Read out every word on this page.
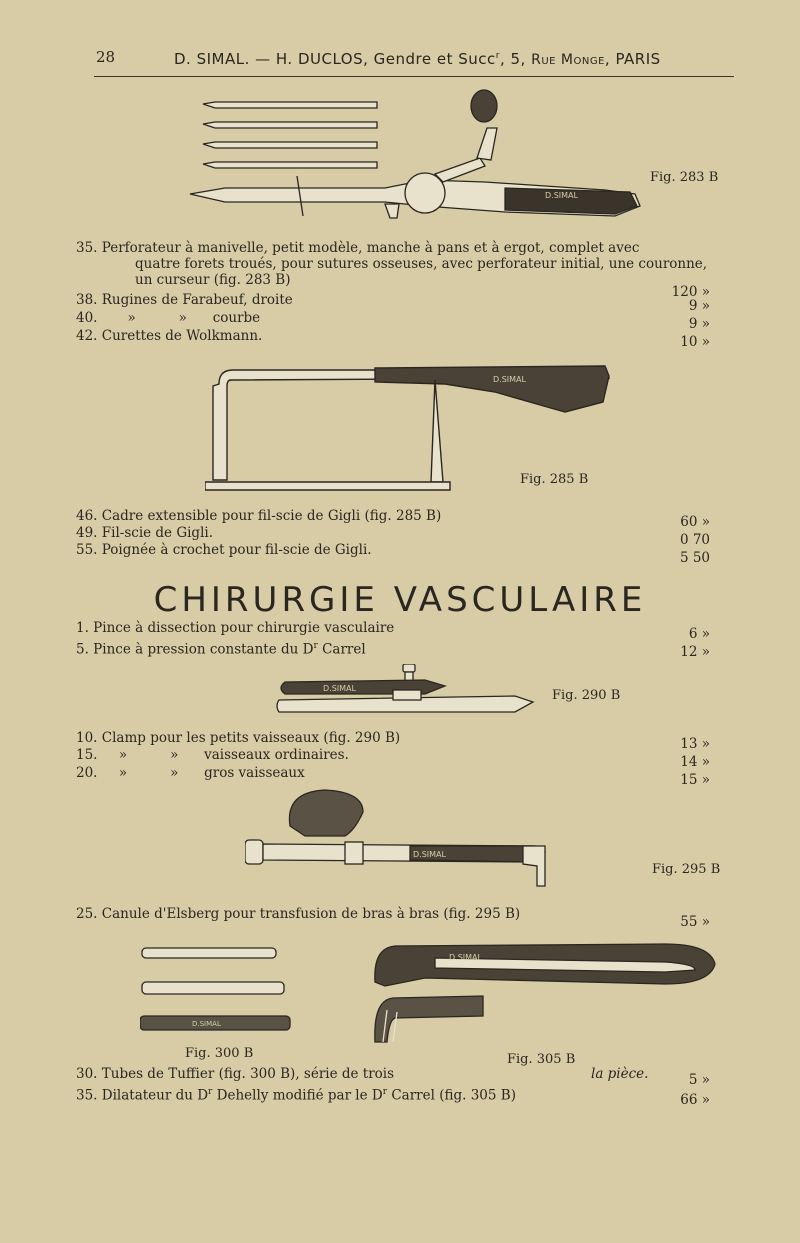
28	D. SIMAL. — H. DUCLOS, Gendre et Succ$^r$, 5, Rue Monge, PARIS
D.SIMAL
Fig. 283 B
35. Perforateur à manivelle, petit modèle, manche à pans et à ergot, complet avec
quatre forets troués, pour sutures osseuses, avec perforateur initial, une couronne,
un curseur (fig. 283 B)
120 »
38. Rugines de Farabeuf, droite	9 »
40.       »          »      courbe	9 »
42. Curettes de Wolkmann.	10 »
D.SIMAL
Fig. 285 B
46. Cadre extensible pour fil-scie de Gigli (fig. 285 B)	60 »
49. Fil-scie de Gigli.	0 70
55. Poignée à crochet pour fil-scie de Gigli.	5 50
CHIRURGIE VASCULAIRE
1. Pince à dissection pour chirurgie vasculaire	6 »
5. Pince à pression constante du $D^r$ Carrel	12 »
D.SIMAL	Fig. 290 B
10. Clamp pour les petits vaisseaux (fig. 290 B)	13 »
15.     »          »      vaisseaux ordinaires.	14 »
20.     »          »      gros vaisseaux	15 »
D.SIMAL
Fig. 295 B
25. Canule d'Elsberg pour transfusion de bras à bras (fig. 295 B)	55 »
D.SIMAL
D.SIMAL
Fig. 300 B	Fig. 305 B
30. Tubes de Tuffier (fig. 300 B), série de trois	la pièce.	5 »
35. Dilatateur du $D^r$ Dehelly modifié par le $D^r$ Carrel (fig. 305 B)	66 »
